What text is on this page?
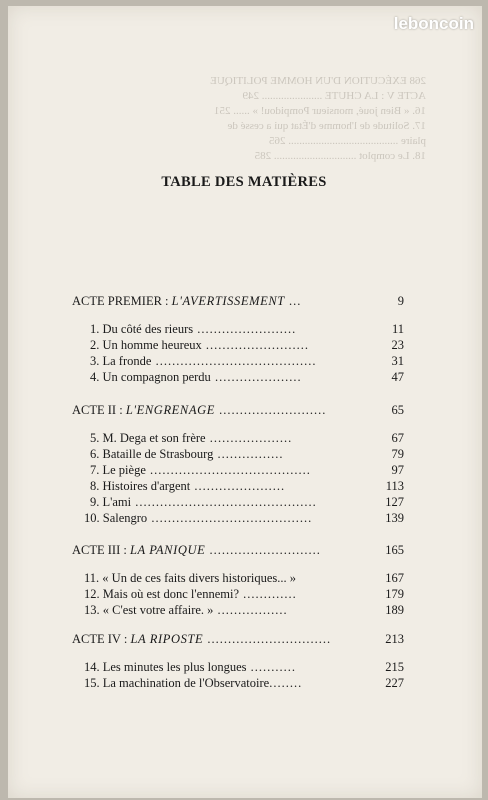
leboncoin
268 EXÉCUTION D'UN HOMME POLITIQUE
ACTE V : LA CHUTE ...................... 249
16. « Bien joué, monsieur Pompidou! » ...... 251
17. Solitude de l'homme d'État qui a cessé de
plaire ........................................ 265
18. Le complot .............................. 285
TABLE DES MATIÈRES
ACTE PREMIER : L'AVERTISSEMENT ...	9
1. Du côté des rieurs ........................	11
2. Un homme heureux .........................	23
3. La fronde .......................................	31
4. Un compagnon perdu .....................	47
ACTE II : L'ENGRENAGE ..........................	65
5. M. Dega et son frère ....................	67
6. Bataille de Strasbourg ................	79
7. Le piège .......................................	97
8. Histoires d'argent ......................	113
9. L'ami ............................................	127
10. Salengro .......................................	139
ACTE III : LA PANIQUE ...........................	165
11. « Un de ces faits divers historiques... »	167
12. Mais où est donc l'ennemi? .............	179
13. « C'est votre affaire. » .................	189
ACTE IV : LA RIPOSTE ..............................	213
14. Les minutes les plus longues ...........	215
15. La machination de l'Observatoire........	227
